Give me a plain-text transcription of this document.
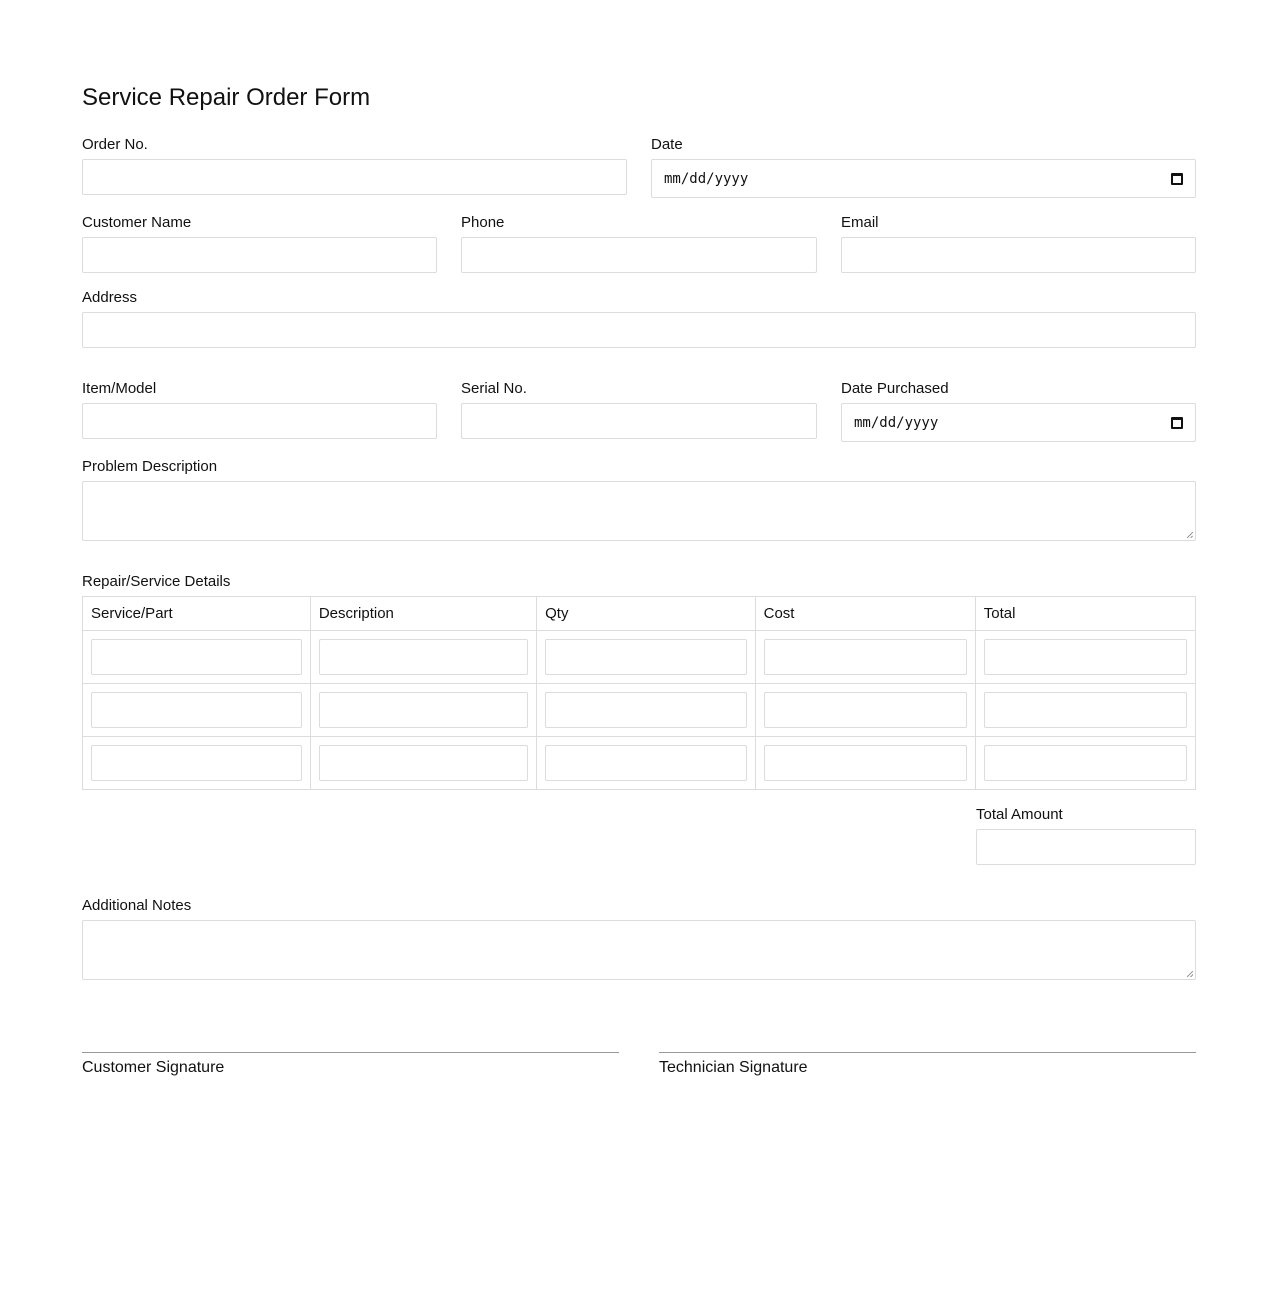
Service Repair Order Form
Order No.	Date
mm/dd/yyyy
Customer Name	Phone	Email
Address
Item/Model	Serial No.	Date Purchased
mm/dd/yyyy
Problem Description
Repair/Service Details
Service/Part	Description	Qty	Cost	Total

Total Amount
Additional Notes
Customer Signature	Technician Signature
